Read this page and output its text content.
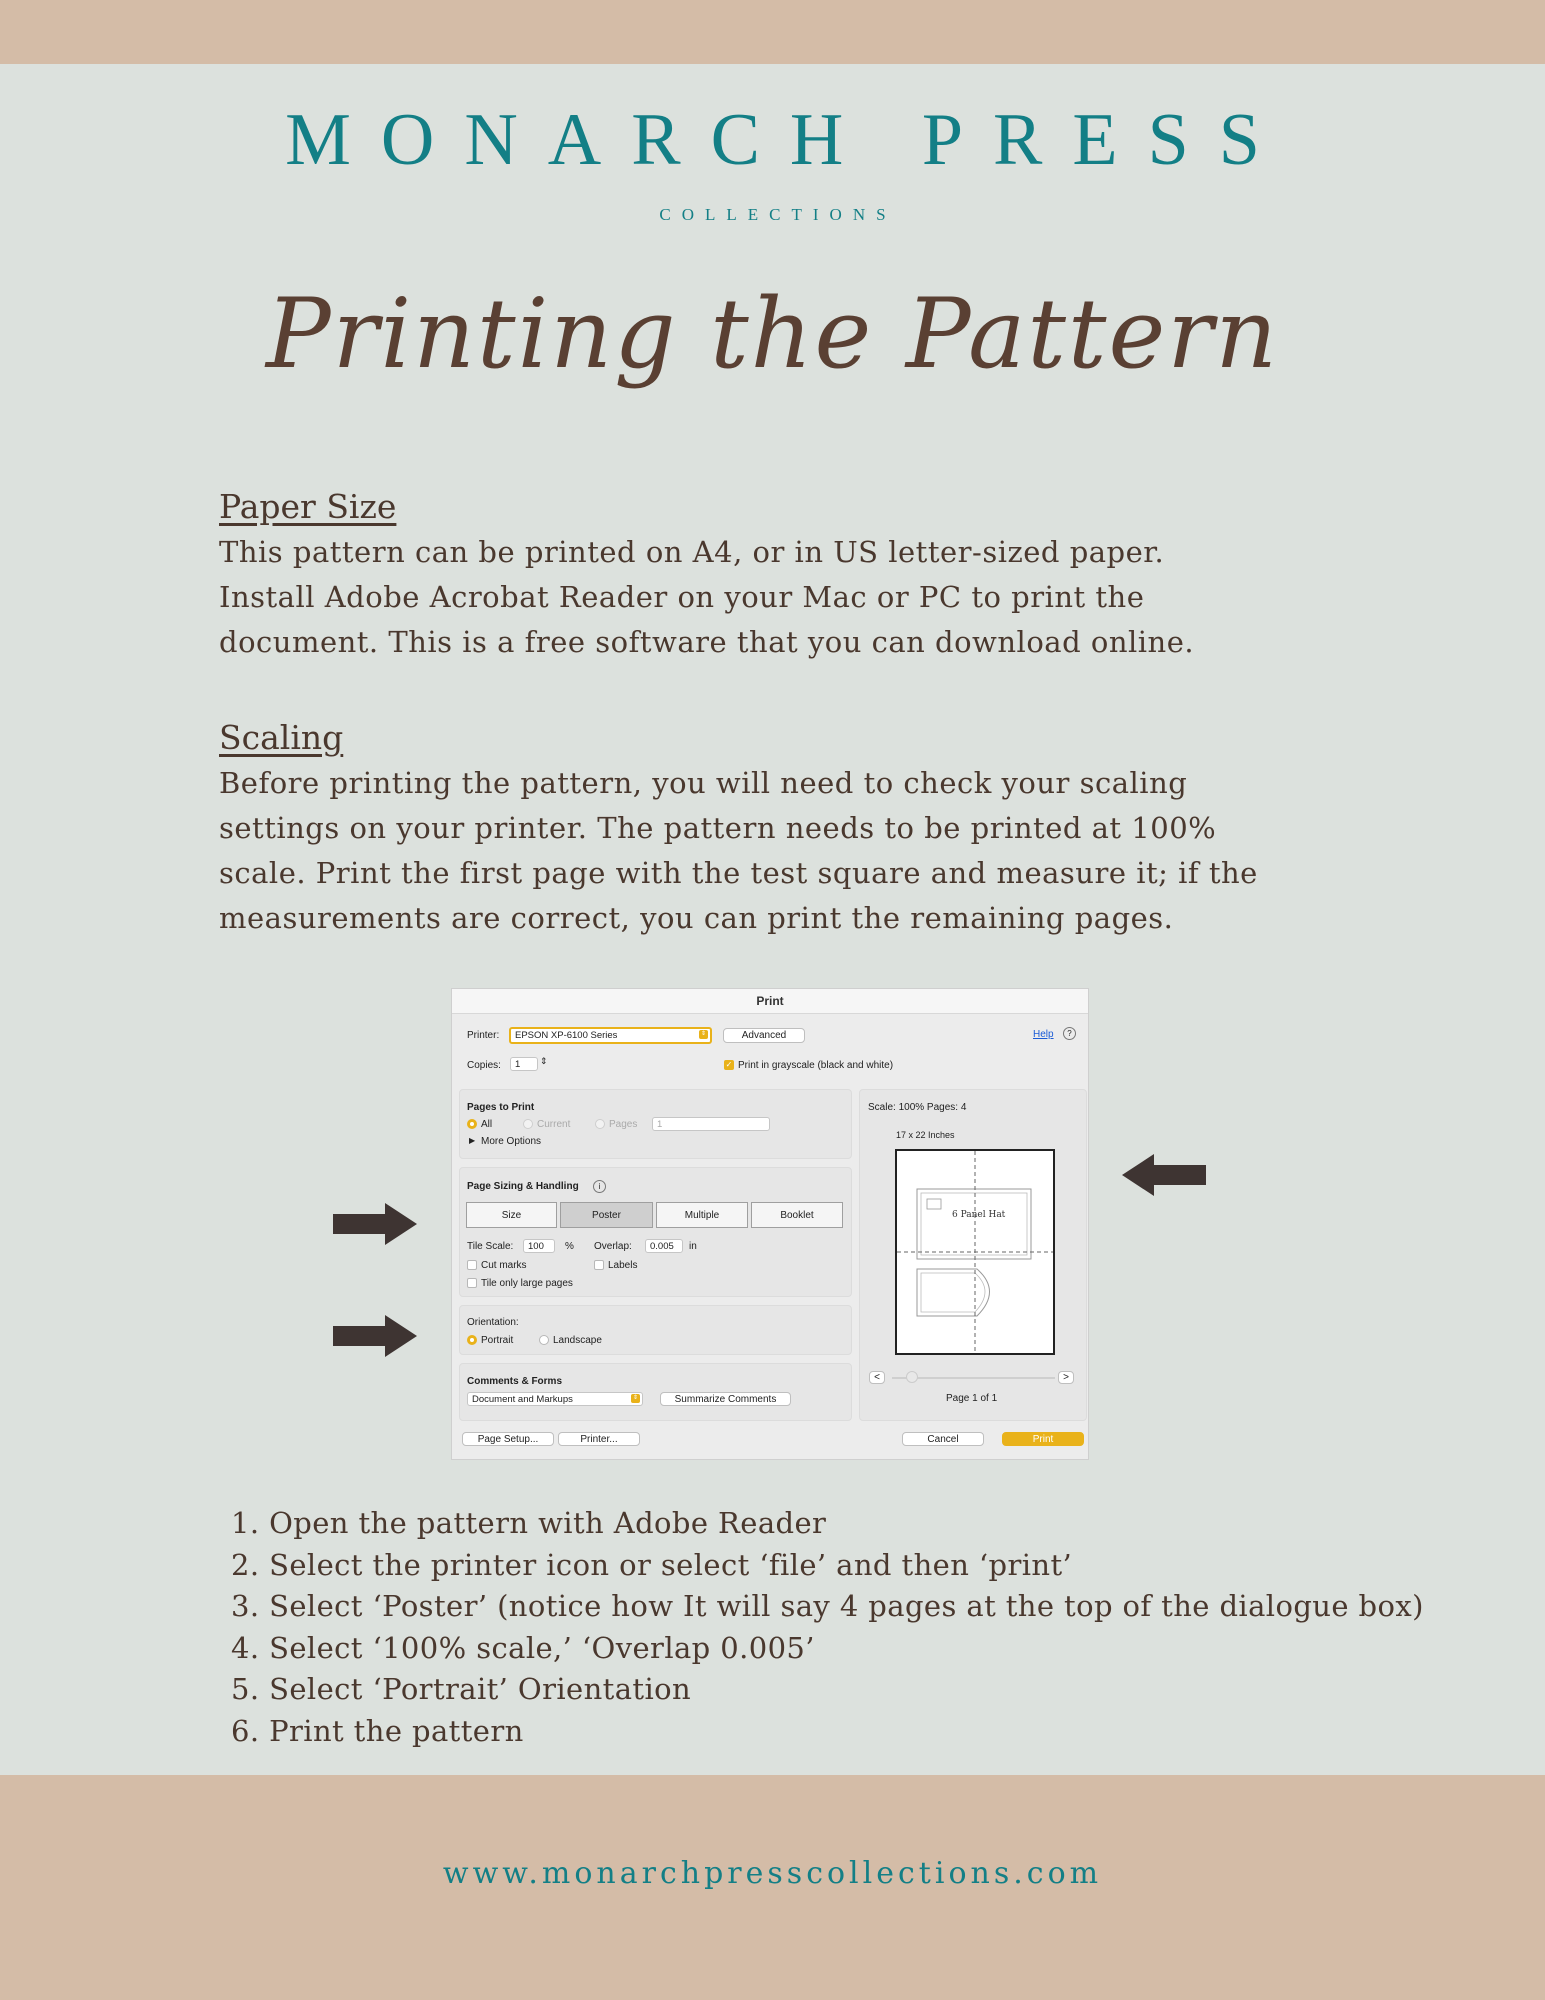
MONARCH PRESS
COLLECTIONS
Printing the Pattern

Paper Size

This pattern can be printed on A4, or in US letter-sized paper.

Install Adobe Acrobat Reader on your Mac or PC to print the

document. This is a free software that you can download online.

Scaling

Before printing the pattern, you will need to check your scaling

settings on your printer. The pattern needs to be printed at 100%

scale. Print the first page with the test square and measure it; if the

measurements are correct, you can print the remaining pages.

Print
Printer:	EPSON XP-6100 Series	⇕	Advanced	Help	?
Copies:	1	⇕	✓ Print in grayscale (black and white)
Pages to Print
All	Current	Pages	1
▶ More Options
Page Sizing & Handling	i
Size	Poster	Multiple	Booklet
Tile Scale:	100	% Overlap:	0.005	in
Cut marks	Labels
Tile only large pages
Orientation:
Portrait	Landscape
Comments & Forms
Document and Markups	⇕	Summarize Comments
Scale: 100% Pages: 4
17 x 22 Inches
6 Panel Hat
<	>
Page 1 of 1
Page Setup...	Printer...	Cancel	Print
1. Open the pattern with Adobe Reader
2. Select the printer icon or select ‘file’ and then ‘print’
3. Select ‘Poster’ (notice how It will say 4 pages at the top of the dialogue box)
4. Select ‘100% scale,’ ‘Overlap 0.005’
5. Select ‘Portrait’ Orientation
6. Print the pattern
www.monarchpresscollections.com
